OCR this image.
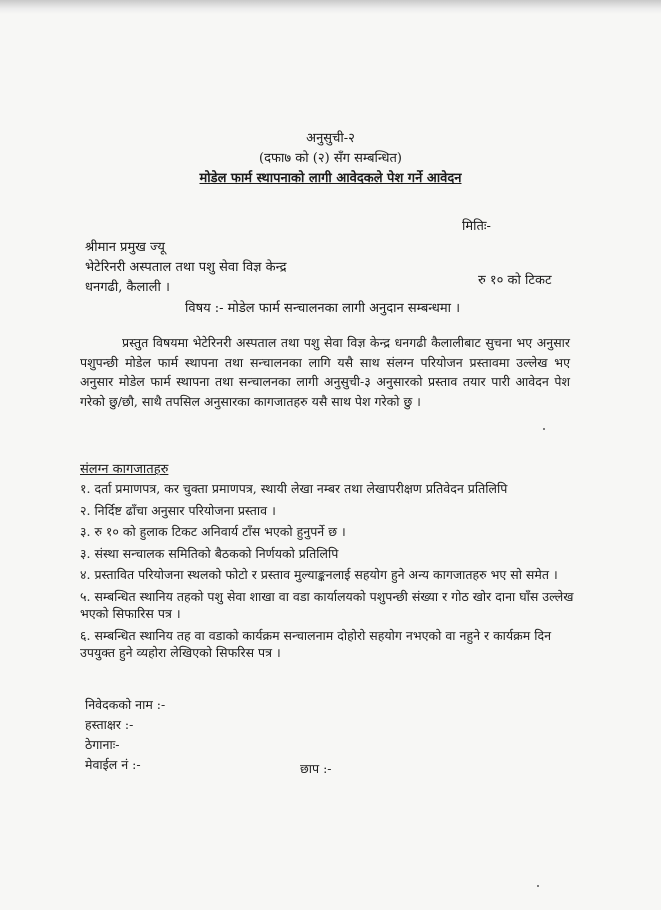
अनुसुची-२
(दफा७ को (२) सँग सम्बन्धित)
मोडेल फार्म स्थापनाको लागी आवेदकले पेश गर्ने आवेदन
मितिः-
श्रीमान प्रमुख ज्यू
भेटेरिनरी अस्पताल तथा पशु सेवा विज्ञ केन्द्र
धनगढी, कैलाली ।	रु १० को टिकट
विषय :- मोडेल फार्म सन्चालनका लागी अनुदान सम्बन्धमा ।
प्रस्तुत विषयमा भेटेरिनरी अस्पताल तथा पशु सेवा विज्ञ केन्द्र धनगढी कैलालीबाट सुचना भए अनुसार पशुपन्छी मोडेल फार्म स्थापना तथा सन्चालनका लागि यसै साथ संलग्न परियोजन प्रस्तावमा उल्लेख भए अनुसार मोडेल फार्म स्थापना तथा सन्चालनका लागी अनुसुची-३ अनुसारको प्रस्ताव तयार पारी आवेदन पेश गरेको छु/छौ, साथै तपसिल अनुसारका कागजातहरु यसै साथ पेश गरेको छु ।
संलग्न कागजातहरु
१. दर्ता प्रमाणपत्र, कर चुक्ता प्रमाणपत्र, स्थायी लेखा नम्बर तथा लेखापरीक्षण प्रतिवेदन प्रतिलिपि
२. निर्दिष्ट ढाँचा अनुसार परियोजना प्रस्ताव ।
३. रु १० को हुलाक टिकट अनिवार्य टाँस भएको हुनुपर्ने छ ।
३. संस्था सन्चालक समितिको बैठकको निर्णयको प्रतिलिपि
४. प्रस्तावित परियोजना स्थलको फोटो र प्रस्ताव मुल्याङ्कनलाई सहयोग हुने अन्य कागजातहरु भए सो समेत ।
५. सम्बन्धित स्थानिय तहको पशु सेवा शाखा वा वडा कार्यालयको पशुपन्छी संख्या र गोठ खोर दाना घाँस उल्लेख भएको सिफारिस पत्र ।
६. सम्बन्धित स्थानिय तह वा वडाको कार्यक्रम सन्चालनाम दोहोरो सहयोग नभएको वा नहुने र कार्यक्रम दिन उपयुक्त हुने व्यहोरा लेखिएको सिफरिस पत्र ।
निवेदकको नाम :-
हस्ताक्षर :-
ठेगानाः-
मेवाईल नं :-	छाप :-
